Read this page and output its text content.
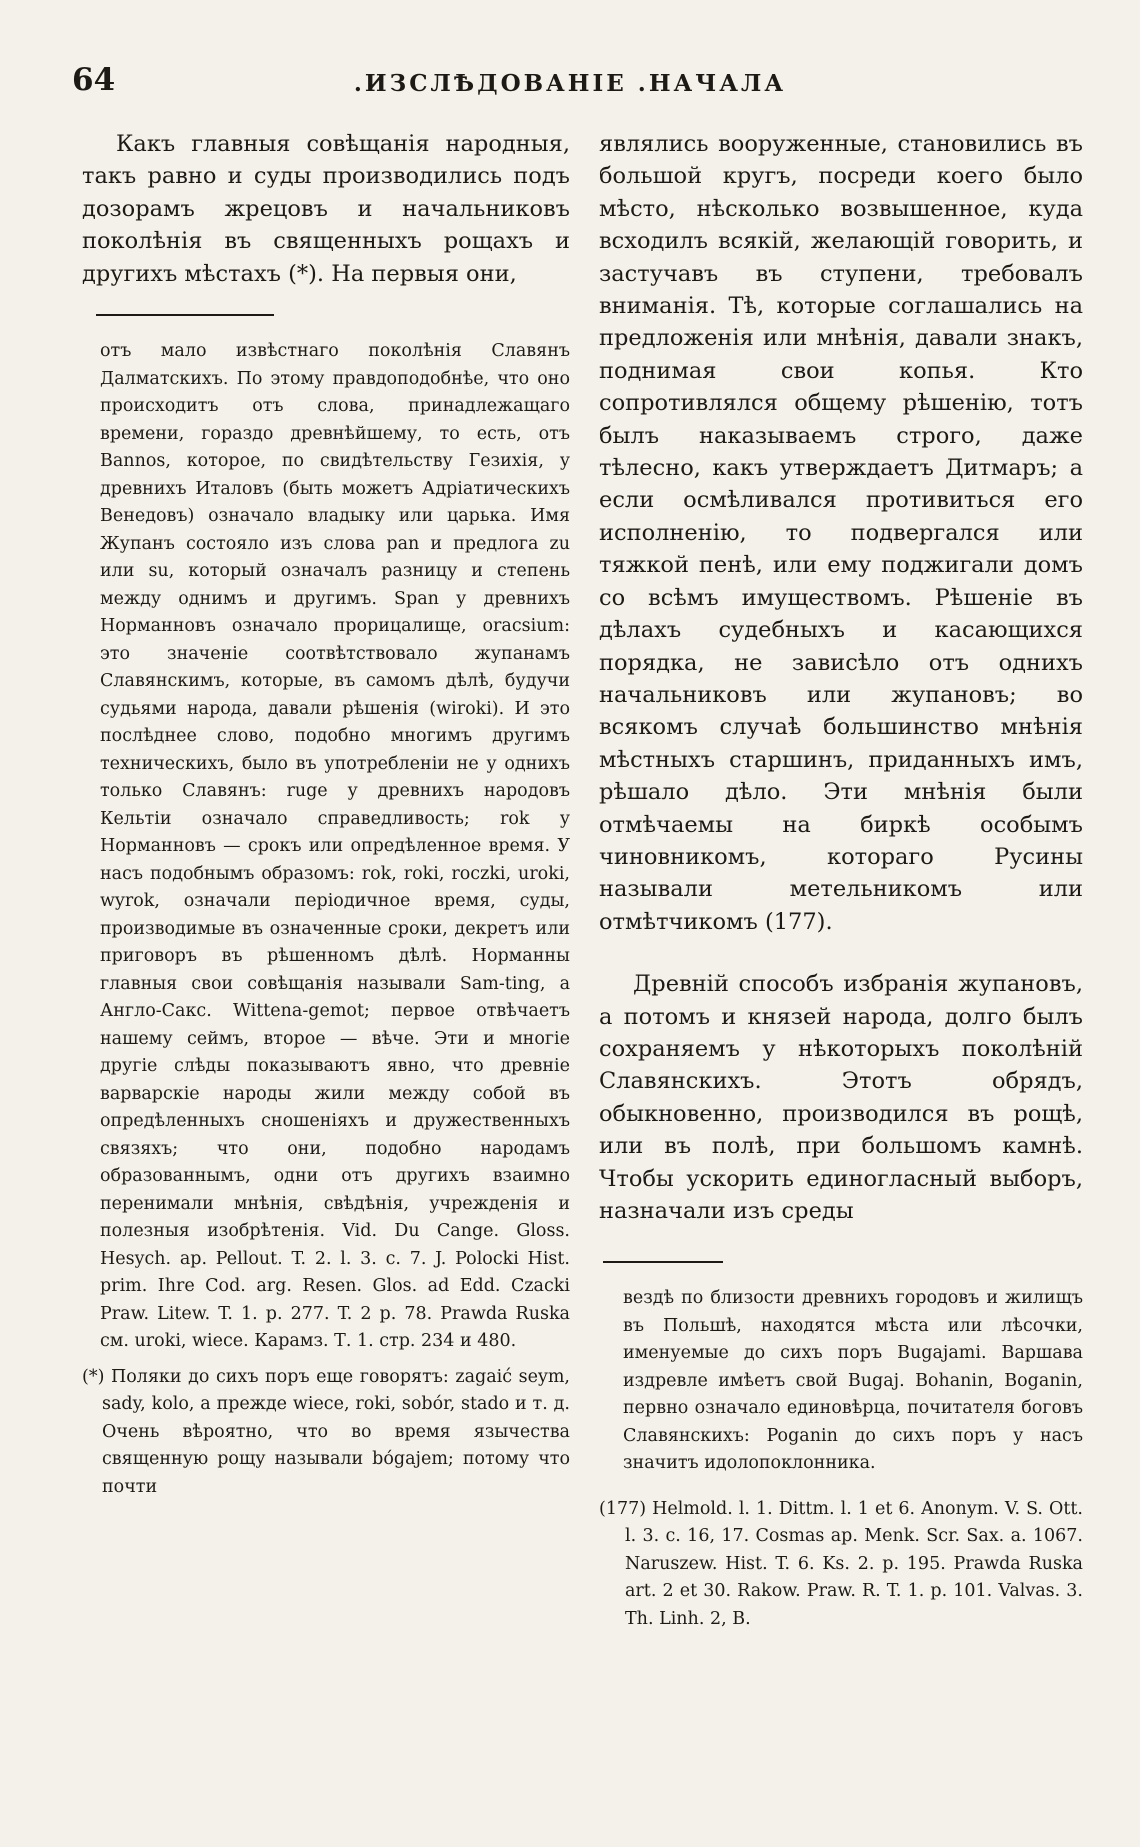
64	.ИЗСЛѢДОВАНІЕ .НАЧАЛА

Какъ главныя совѣщанія народныя, такъ равно и суды производились подъ дозорамъ жрецовъ и начальниковъ поколѣнія въ священныхъ рощахъ и другихъ мѣстахъ (*). На первыя они,

отъ мало извѣстнаго поколѣнія Славянъ Далматскихъ. По этому правдоподобнѣе, что оно происходитъ отъ слова, принадлежащаго времени, гораздо древнѣйшему, то есть, отъ Bannos, которое, по свидѣтельству Гезихія, у древнихъ Италовъ (быть можетъ Адріатическихъ Венедовъ) означало владыку или царька. Имя Жупанъ состояло изъ слова pan и предлога zu или su, который означалъ разницу и степень между однимъ и другимъ. Span у древнихъ Норманновъ означало прорицалище, oracsium: это значеніе соотвѣтствовало жупанамъ Славянскимъ, которые, въ самомъ дѣлѣ, будучи судьями народа, давали рѣшенія (wiroki). И это послѣднее слово, подобно многимъ другимъ техническихъ, было въ употребленіи не у однихъ только Славянъ: ruge у древнихъ народовъ Кельтіи означало справедливость; rok у Норманновъ — срокъ или опредѣленное время. У насъ подобнымъ образомъ: rok, roki, roczki, uroki, wyrok, означали періодичное время, суды, производимые въ означенные сроки, декретъ или приговоръ въ рѣшенномъ дѣлѣ. Норманны главныя свои совѣщанія называли Sam-ting, а Англо-Сакс. Wittena-gemot; первое отвѣчаетъ нашему сеймъ, второе — вѣче. Эти и многіе другіе слѣды показываютъ явно, что древніе варварскіе народы жили между собой въ опредѣленныхъ сношеніяхъ и дружественныхъ связяхъ; что они, подобно народамъ образованнымъ, одни отъ другихъ взаимно перенимали мнѣнія, свѣдѣнія, учрежденія и полезныя изобрѣтенія. Vid. Du Cange. Gloss. Hesych. ap. Pellout. T. 2. l. 3. c. 7. J. Polocki Hist. prim. Ihre Cod. arg. Resen. Glos. ad Edd. Czacki Praw. Litew. T. 1. p. 277. T. 2 p. 78. Prawda Ruska см. uroki, wiece. Карамз. Т. 1. стр. 234 и 480.

(*) Поляки до сихъ поръ еще говорятъ: zagaić seym, sady, kolo, а прежде wiece, roki, sobór, stado и т. д. Очень вѣроятно, что во время язычества священную рощу называли bógajem; потому что почти

являлись вооруженные, становились въ большой кругъ, посреди коего было мѣсто, нѣсколько возвышенное, куда всходилъ всякій, желающій говорить, и застучавъ въ ступени, требовалъ вниманія. Тѣ, которые соглашались на предложенія или мнѣнія, давали знакъ, поднимая свои копья. Кто сопротивлялся общему рѣшенію, тотъ былъ наказываемъ строго, даже тѣлесно, какъ утверждаетъ Дитмаръ; а если осмѣливался противиться его исполненію, то подвергался или тяжкой пенѣ, или ему поджигали домъ со всѣмъ имуществомъ. Рѣшеніе въ дѣлахъ судебныхъ и касающихся порядка, не зависѣло отъ однихъ начальниковъ или жупановъ; во всякомъ случаѣ большинство мнѣнія мѣстныхъ старшинъ, приданныхъ имъ, рѣшало дѣло. Эти мнѣнія были отмѣчаемы на биркѣ особымъ чиновникомъ, котораго Русины называли метельникомъ или отмѣтчикомъ (177).

Древній способъ избранія жупановъ, а потомъ и князей народа, долго былъ сохраняемъ у нѣкоторыхъ поколѣній Славянскихъ. Этотъ обрядъ, обыкновенно, производился въ рощѣ, или въ полѣ, при большомъ камнѣ. Чтобы ускорить единогласный выборъ, назначали изъ среды

вездѣ по близости древнихъ городовъ и жилищъ въ Польшѣ, находятся мѣста или лѣсочки, именуемые до сихъ поръ Bugajami. Варшава издревле имѣетъ свой Bugaj. Bohanin, Boganin, первно означало единовѣрца, почитателя боговъ Славянскихъ: Poganin до сихъ поръ у насъ значитъ идолопоклонника.

(177) Helmold. l. 1. Dittm. l. 1 et 6. Anonym. V. S. Ott. l. 3. c. 16, 17. Cosmas ap. Menk. Scr. Sax. a. 1067. Naruszew. Hist. T. 6. Ks. 2. p. 195. Prawda Ruska art. 2 et 30. Rakow. Praw. R. T. 1. p. 101. Valvas. 3. Th. Linh. 2, B.
